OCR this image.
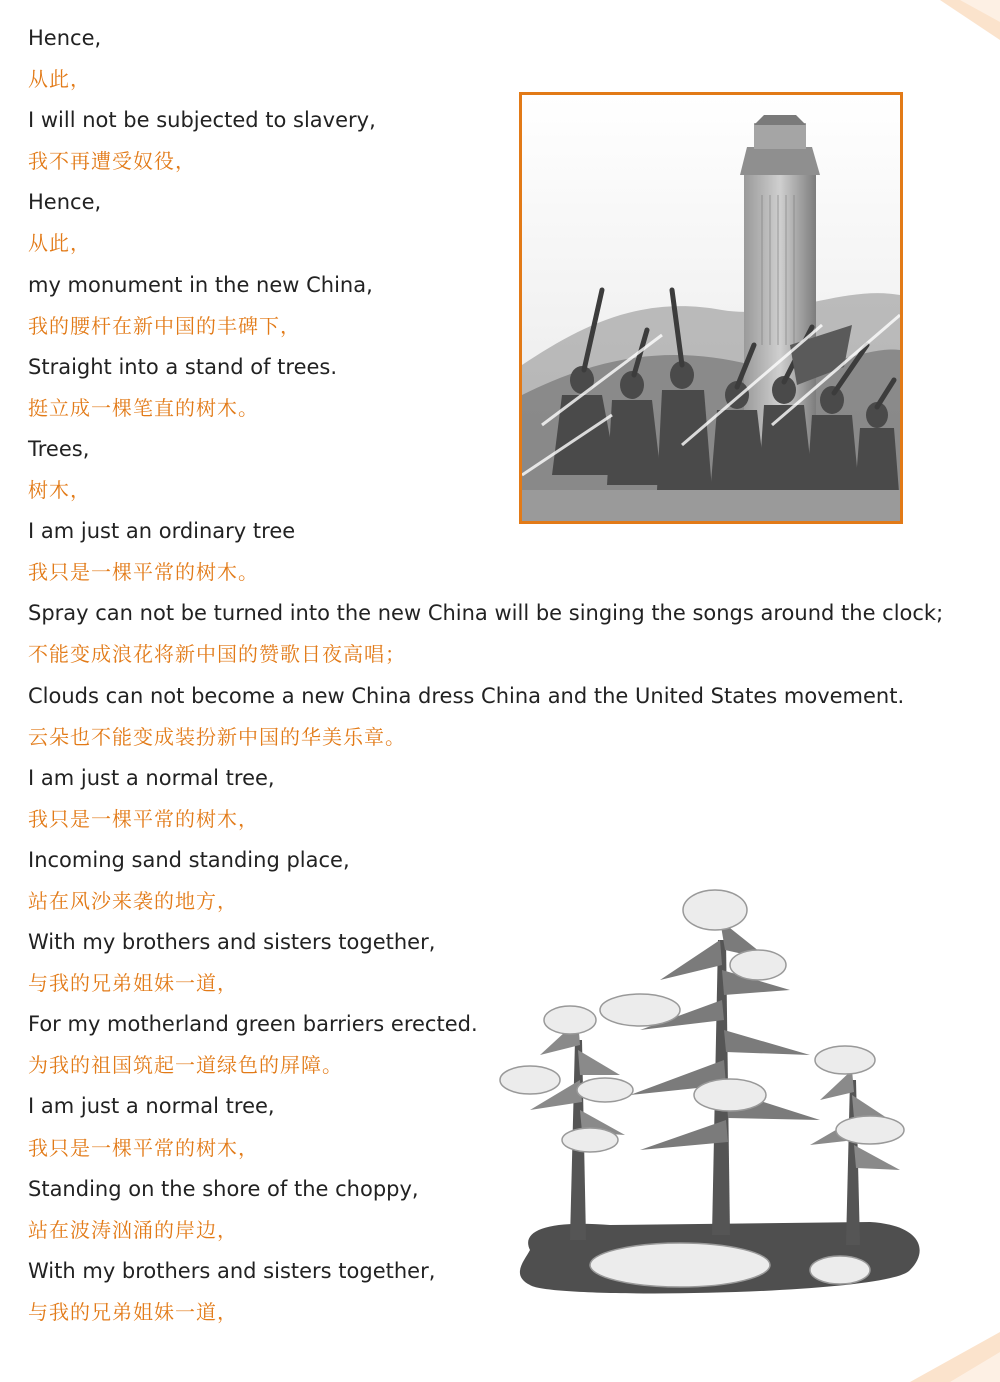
Hence,
从此，
I will not be subjected to slavery,
我不再遭受奴役，
Hence,
从此，
my monument in the new China,
我的腰杆在新中国的丰碑下，
Straight into a stand of trees.
挺立成一棵笔直的树木。
Trees,
树木，
I am just an ordinary tree
我只是一棵平常的树木。
Spray can not be turned into the new China will be singing the songs around the clock;
不能变成浪花将新中国的赞歌日夜高唱；
Clouds can not become a new China dress China and the United States movement.
云朵也不能变成装扮新中国的华美乐章。
I am just a normal tree,
我只是一棵平常的树木，
Incoming sand standing place,
站在风沙来袭的地方，
With my brothers and sisters together,
与我的兄弟姐妹一道，
For my motherland green barriers erected.
为我的祖国筑起一道绿色的屏障。
I am just a normal tree,
我只是一棵平常的树木，
Standing on the shore of the choppy,
站在波涛汹涌的岸边，
With my brothers and sisters together,
与我的兄弟姐妹一道，
